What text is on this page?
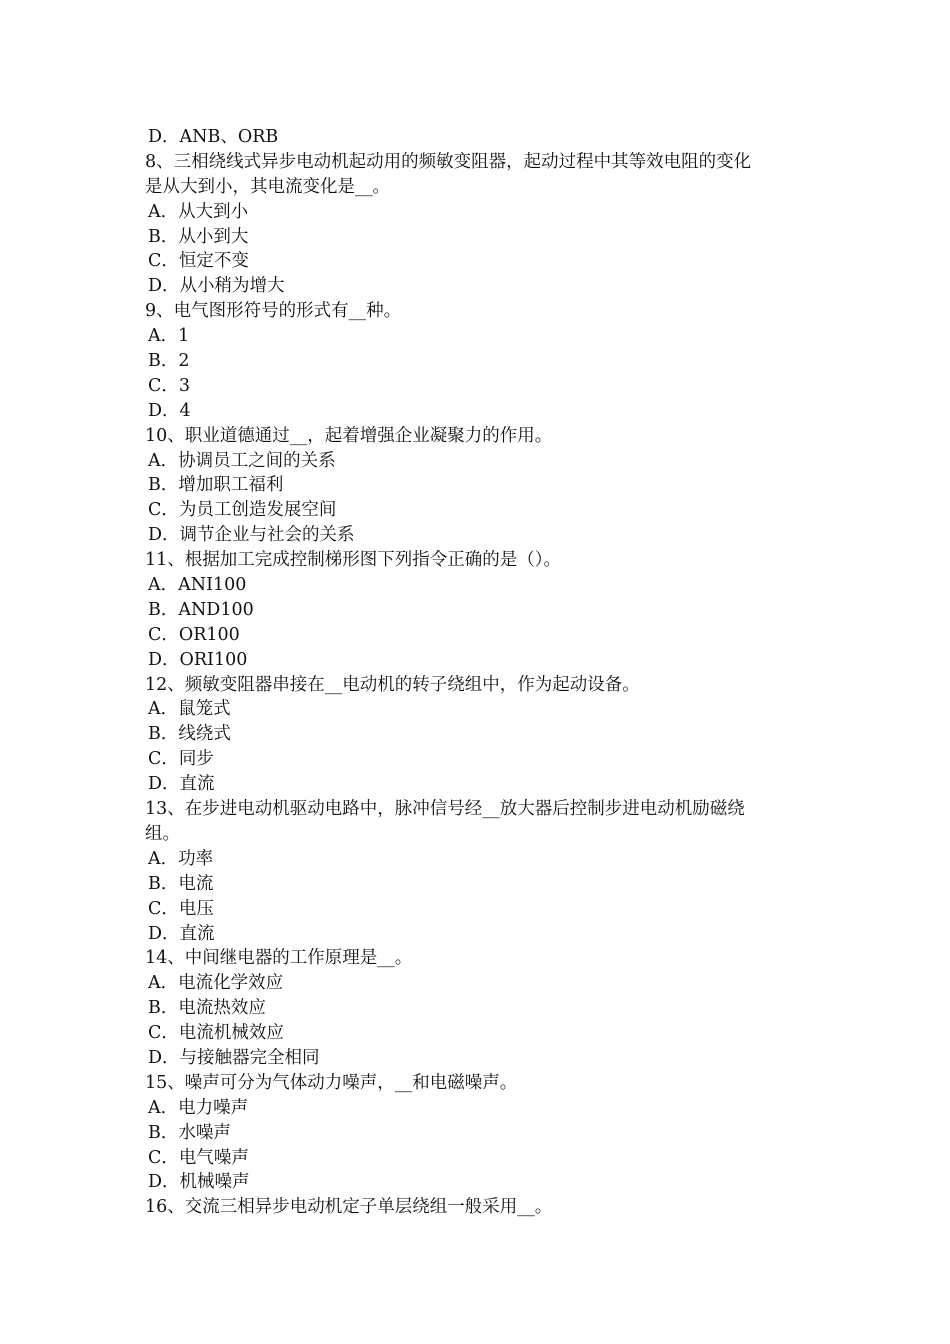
D．ANB、ORB
8、三相绕线式异步电动机起动用的频敏变阻器，起动过程中其等效电阻的变化
是从大到小，其电流变化是__。
A．从大到小
B．从小到大
C．恒定不变
D．从小稍为增大
9、电气图形符号的形式有__种。
A．1
B．2
C．3
D．4
10、职业道德通过__，起着增强企业凝聚力的作用。
A．协调员工之间的关系
B．增加职工福利
C．为员工创造发展空间
D．调节企业与社会的关系
11、根据加工完成控制梯形图下列指令正确的是（）。
A．ANI100
B．AND100
C．OR100
D．ORI100
12、频敏变阻器串接在__电动机的转子绕组中，作为起动设备。
A．鼠笼式
B．线绕式
C．同步
D．直流
13、在步进电动机驱动电路中，脉冲信号经__放大器后控制步进电动机励磁绕
组。
A．功率
B．电流
C．电压
D．直流
14、中间继电器的工作原理是__。
A．电流化学效应
B．电流热效应
C．电流机械效应
D．与接触器完全相同
15、噪声可分为气体动力噪声，__和电磁噪声。
A．电力噪声
B．水噪声
C．电气噪声
D．机械噪声
16、交流三相异步电动机定子单层绕组一般采用__。
